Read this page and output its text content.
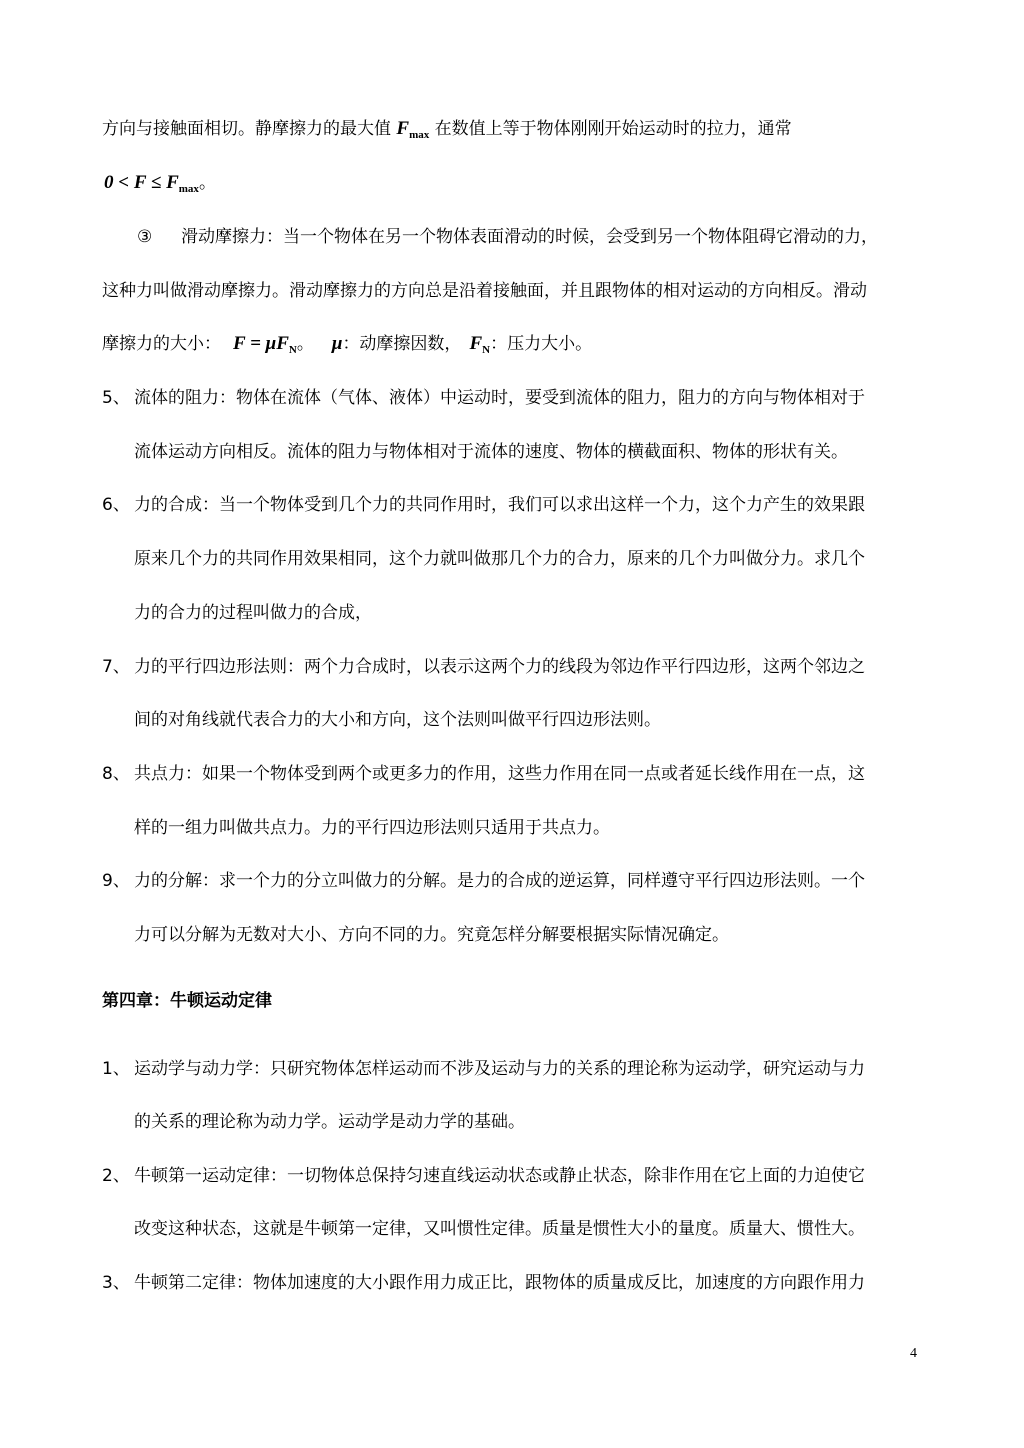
方向与接触面相切。静摩擦力的最大值 $F_{max}$ 在数值上等于物体刚刚开始运动时的拉力，通常
$0 < F \le F_{max}$。
③ 滑动摩擦力：当一个物体在另一个物体表面滑动的时候，会受到另一个物体阻碍它滑动的力，
这种力叫做滑动摩擦力。滑动摩擦力的方向总是沿着接触面，并且跟物体的相对运动的方向相反。滑动
摩擦力的大小： $F = \mu F_N$。 μ：动摩擦因数， $F_N$：压力大小。
5、 流体的阻力：物体在流体（气体、液体）中运动时，要受到流体的阻力，阻力的方向与物体相对于
流体运动方向相反。流体的阻力与物体相对于流体的速度、物体的横截面积、物体的形状有关。
6、 力的合成：当一个物体受到几个力的共同作用时，我们可以求出这样一个力，这个力产生的效果跟
原来几个力的共同作用效果相同，这个力就叫做那几个力的合力，原来的几个力叫做分力。求几个
力的合力的过程叫做力的合成，
7、 力的平行四边形法则：两个力合成时，以表示这两个力的线段为邻边作平行四边形，这两个邻边之
间的对角线就代表合力的大小和方向，这个法则叫做平行四边形法则。
8、 共点力：如果一个物体受到两个或更多力的作用，这些力作用在同一点或者延长线作用在一点，这
样的一组力叫做共点力。力的平行四边形法则只适用于共点力。
9、 力的分解：求一个力的分立叫做力的分解。是力的合成的逆运算，同样遵守平行四边形法则。一个
力可以分解为无数对大小、方向不同的力。究竟怎样分解要根据实际情况确定。
第四章：牛顿运动定律
1、 运动学与动力学：只研究物体怎样运动而不涉及运动与力的关系的理论称为运动学，研究运动与力
的关系的理论称为动力学。运动学是动力学的基础。
2、 牛顿第一运动定律：一切物体总保持匀速直线运动状态或静止状态，除非作用在它上面的力迫使它
改变这种状态，这就是牛顿第一定律，又叫惯性定律。质量是惯性大小的量度。质量大、惯性大。
3、 牛顿第二定律：物体加速度的大小跟作用力成正比，跟物体的质量成反比，加速度的方向跟作用力
4
